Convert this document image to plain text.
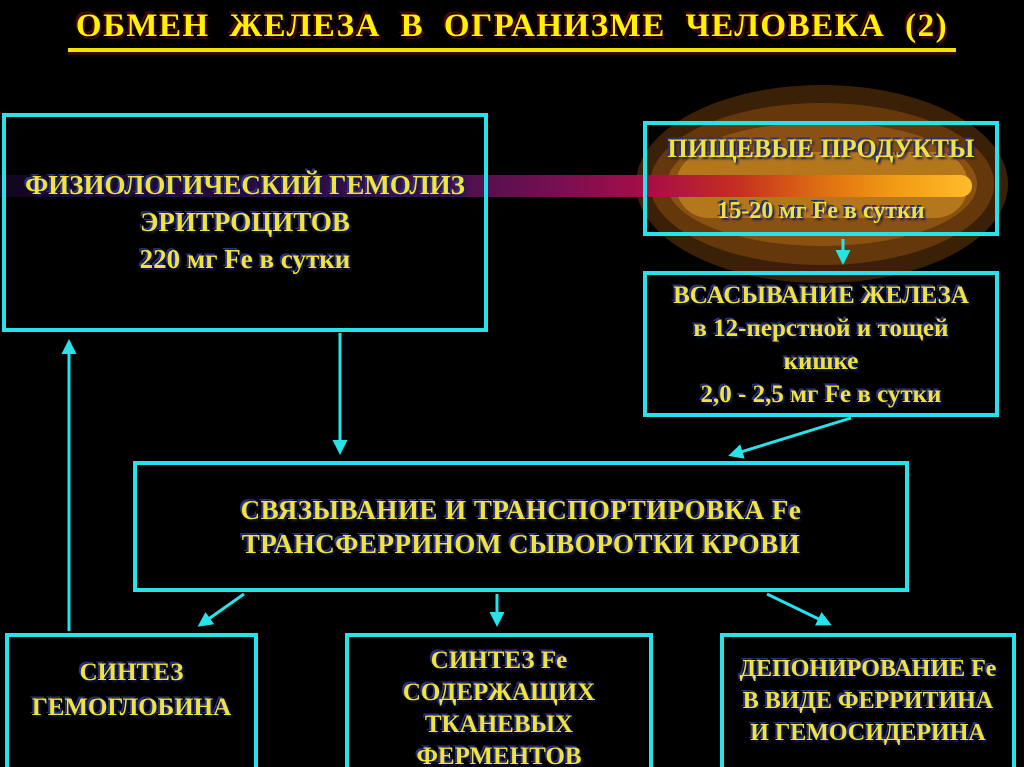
ОБМЕН ЖЕЛЕЗА В ОГРАНИЗМЕ ЧЕЛОВЕКА (2)
ФИЗИОЛОГИЧЕСКИЙ ГЕМОЛИЗ
ЭРИТРОЦИТОВ
220 мг Fe в сутки
ПИЩЕВЫЕ ПРОДУКТЫ
15-20 мг Fe в сутки
ВСАСЫВАНИЕ ЖЕЛЕЗА
в 12-перстной и тощей
кишке
2,0 - 2,5 мг Fe в сутки
СВЯЗЫВАНИЕ И ТРАНСПОРТИРОВКА Fe
ТРАНСФЕРРИНОМ СЫВОРОТКИ КРОВИ
СИНТЕЗ
ГЕМОГЛОБИНА
СИНТЕЗ Fe
СОДЕРЖАЩИХ
ТКАНЕВЫХ
ФЕРМЕНТОВ
ДЕПОНИРОВАНИЕ Fe
В ВИДЕ ФЕРРИТИНА
И ГЕМОСИДЕРИНА
